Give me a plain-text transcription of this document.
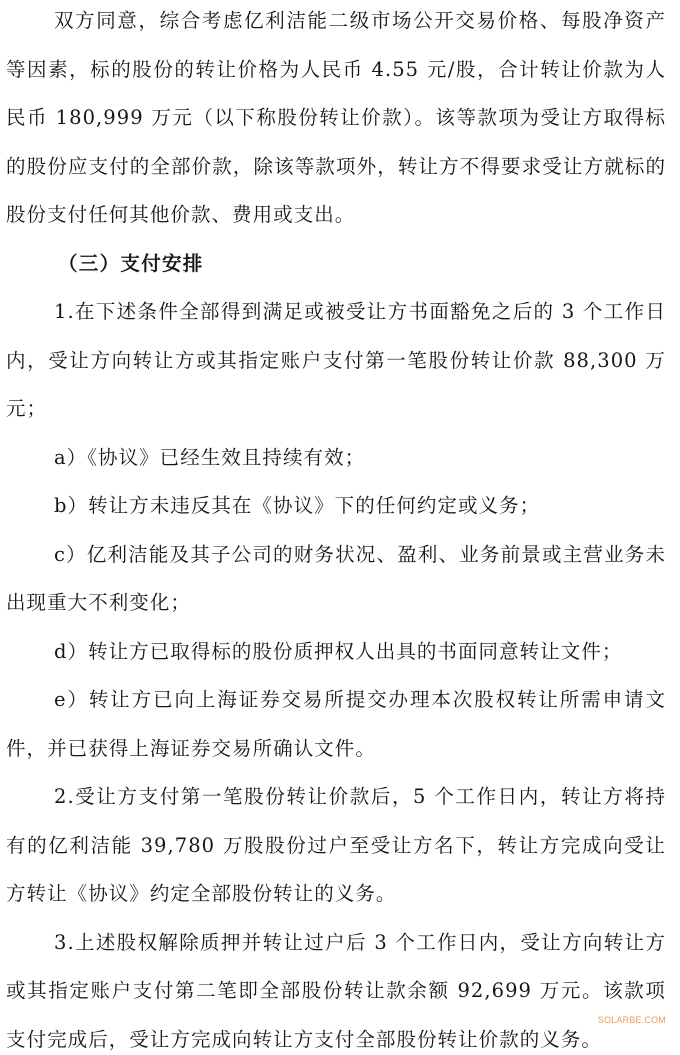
双方同意，综合考虑亿利洁能二级市场公开交易价格、每股净资产等因素，标的股份的转让价格为人民币 4.55 元/股，合计转让价款为人民币 180,999 万元（以下称股份转让价款）。该等款项为受让方取得标的股份应支付的全部价款，除该等款项外，转让方不得要求受让方就标的股份支付任何其他价款、费用或支出。

（三）支付安排

1.在下述条件全部得到满足或被受让方书面豁免之后的 3 个工作日内，受让方向转让方或其指定账户支付第一笔股份转让价款 88,300 万元；

a）《协议》已经生效且持续有效；

b）转让方未违反其在《协议》下的任何约定或义务；

c）亿利洁能及其子公司的财务状况、盈利、业务前景或主营业务未出现重大不利变化；

d）转让方已取得标的股份质押权人出具的书面同意转让文件；

e）转让方已向上海证券交易所提交办理本次股权转让所需申请文件，并已获得上海证券交易所确认文件。

2.受让方支付第一笔股份转让价款后，5 个工作日内，转让方将持有的亿利洁能 39,780 万股股份过户至受让方名下，转让方完成向受让方转让《协议》约定全部股份转让的义务。

3.上述股权解除质押并转让过户后 3 个工作日内，受让方向转让方或其指定账户支付第二笔即全部股份转让款余额 92,699 万元。该款项支付完成后，受让方完成向转让方支付全部股份转让价款的义务。

SOLARBE.COM
